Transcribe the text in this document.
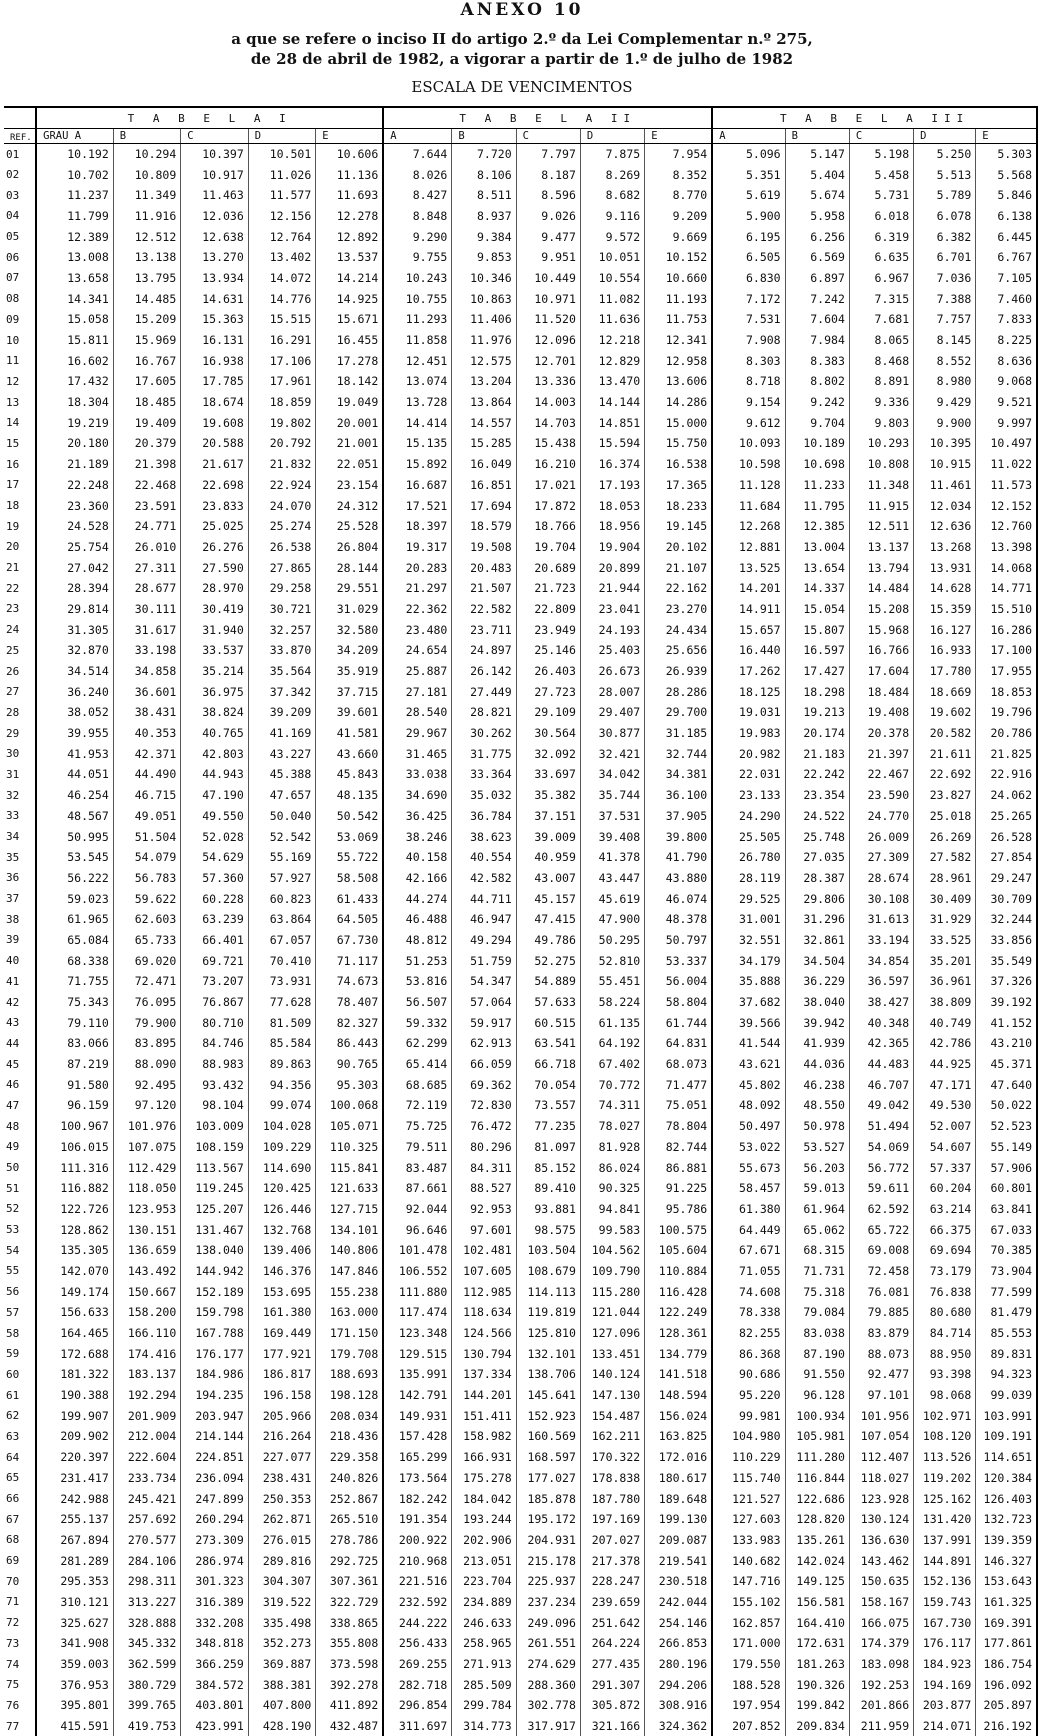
ANEXO 10
a que se refere o inciso II do artigo 2.º da Lei Complementar n.º 275,
de 28 de abril de 1982, a vigorar a partir de 1.º de julho de 1982
ESCALA DE VENCIMENTOS
	T A B E L A I					T A B E L A II					T A B E L A III				
REF.	GRAU A	B	C	D	E	A	B	C	D	E	A	B	C	D	E
01	10.192	10.294	10.397	10.501	10.606	7.644	7.720	7.797	7.875	7.954	5.096	5.147	5.198	5.250	5.303
02	10.702	10.809	10.917	11.026	11.136	8.026	8.106	8.187	8.269	8.352	5.351	5.404	5.458	5.513	5.568
03	11.237	11.349	11.463	11.577	11.693	8.427	8.511	8.596	8.682	8.770	5.619	5.674	5.731	5.789	5.846
04	11.799	11.916	12.036	12.156	12.278	8.848	8.937	9.026	9.116	9.209	5.900	5.958	6.018	6.078	6.138
05	12.389	12.512	12.638	12.764	12.892	9.290	9.384	9.477	9.572	9.669	6.195	6.256	6.319	6.382	6.445
06	13.008	13.138	13.270	13.402	13.537	9.755	9.853	9.951	10.051	10.152	6.505	6.569	6.635	6.701	6.767
07	13.658	13.795	13.934	14.072	14.214	10.243	10.346	10.449	10.554	10.660	6.830	6.897	6.967	7.036	7.105
08	14.341	14.485	14.631	14.776	14.925	10.755	10.863	10.971	11.082	11.193	7.172	7.242	7.315	7.388	7.460
09	15.058	15.209	15.363	15.515	15.671	11.293	11.406	11.520	11.636	11.753	7.531	7.604	7.681	7.757	7.833
10	15.811	15.969	16.131	16.291	16.455	11.858	11.976	12.096	12.218	12.341	7.908	7.984	8.065	8.145	8.225
11	16.602	16.767	16.938	17.106	17.278	12.451	12.575	12.701	12.829	12.958	8.303	8.383	8.468	8.552	8.636
12	17.432	17.605	17.785	17.961	18.142	13.074	13.204	13.336	13.470	13.606	8.718	8.802	8.891	8.980	9.068
13	18.304	18.485	18.674	18.859	19.049	13.728	13.864	14.003	14.144	14.286	9.154	9.242	9.336	9.429	9.521
14	19.219	19.409	19.608	19.802	20.001	14.414	14.557	14.703	14.851	15.000	9.612	9.704	9.803	9.900	9.997
15	20.180	20.379	20.588	20.792	21.001	15.135	15.285	15.438	15.594	15.750	10.093	10.189	10.293	10.395	10.497
16	21.189	21.398	21.617	21.832	22.051	15.892	16.049	16.210	16.374	16.538	10.598	10.698	10.808	10.915	11.022
17	22.248	22.468	22.698	22.924	23.154	16.687	16.851	17.021	17.193	17.365	11.128	11.233	11.348	11.461	11.573
18	23.360	23.591	23.833	24.070	24.312	17.521	17.694	17.872	18.053	18.233	11.684	11.795	11.915	12.034	12.152
19	24.528	24.771	25.025	25.274	25.528	18.397	18.579	18.766	18.956	19.145	12.268	12.385	12.511	12.636	12.760
20	25.754	26.010	26.276	26.538	26.804	19.317	19.508	19.704	19.904	20.102	12.881	13.004	13.137	13.268	13.398
21	27.042	27.311	27.590	27.865	28.144	20.283	20.483	20.689	20.899	21.107	13.525	13.654	13.794	13.931	14.068
22	28.394	28.677	28.970	29.258	29.551	21.297	21.507	21.723	21.944	22.162	14.201	14.337	14.484	14.628	14.771
23	29.814	30.111	30.419	30.721	31.029	22.362	22.582	22.809	23.041	23.270	14.911	15.054	15.208	15.359	15.510
24	31.305	31.617	31.940	32.257	32.580	23.480	23.711	23.949	24.193	24.434	15.657	15.807	15.968	16.127	16.286
25	32.870	33.198	33.537	33.870	34.209	24.654	24.897	25.146	25.403	25.656	16.440	16.597	16.766	16.933	17.100
26	34.514	34.858	35.214	35.564	35.919	25.887	26.142	26.403	26.673	26.939	17.262	17.427	17.604	17.780	17.955
27	36.240	36.601	36.975	37.342	37.715	27.181	27.449	27.723	28.007	28.286	18.125	18.298	18.484	18.669	18.853
28	38.052	38.431	38.824	39.209	39.601	28.540	28.821	29.109	29.407	29.700	19.031	19.213	19.408	19.602	19.796
29	39.955	40.353	40.765	41.169	41.581	29.967	30.262	30.564	30.877	31.185	19.983	20.174	20.378	20.582	20.786
30	41.953	42.371	42.803	43.227	43.660	31.465	31.775	32.092	32.421	32.744	20.982	21.183	21.397	21.611	21.825
31	44.051	44.490	44.943	45.388	45.843	33.038	33.364	33.697	34.042	34.381	22.031	22.242	22.467	22.692	22.916
32	46.254	46.715	47.190	47.657	48.135	34.690	35.032	35.382	35.744	36.100	23.133	23.354	23.590	23.827	24.062
33	48.567	49.051	49.550	50.040	50.542	36.425	36.784	37.151	37.531	37.905	24.290	24.522	24.770	25.018	25.265
34	50.995	51.504	52.028	52.542	53.069	38.246	38.623	39.009	39.408	39.800	25.505	25.748	26.009	26.269	26.528
35	53.545	54.079	54.629	55.169	55.722	40.158	40.554	40.959	41.378	41.790	26.780	27.035	27.309	27.582	27.854
36	56.222	56.783	57.360	57.927	58.508	42.166	42.582	43.007	43.447	43.880	28.119	28.387	28.674	28.961	29.247
37	59.023	59.622	60.228	60.823	61.433	44.274	44.711	45.157	45.619	46.074	29.525	29.806	30.108	30.409	30.709
38	61.965	62.603	63.239	63.864	64.505	46.488	46.947	47.415	47.900	48.378	31.001	31.296	31.613	31.929	32.244
39	65.084	65.733	66.401	67.057	67.730	48.812	49.294	49.786	50.295	50.797	32.551	32.861	33.194	33.525	33.856
40	68.338	69.020	69.721	70.410	71.117	51.253	51.759	52.275	52.810	53.337	34.179	34.504	34.854	35.201	35.549
41	71.755	72.471	73.207	73.931	74.673	53.816	54.347	54.889	55.451	56.004	35.888	36.229	36.597	36.961	37.326
42	75.343	76.095	76.867	77.628	78.407	56.507	57.064	57.633	58.224	58.804	37.682	38.040	38.427	38.809	39.192
43	79.110	79.900	80.710	81.509	82.327	59.332	59.917	60.515	61.135	61.744	39.566	39.942	40.348	40.749	41.152
44	83.066	83.895	84.746	85.584	86.443	62.299	62.913	63.541	64.192	64.831	41.544	41.939	42.365	42.786	43.210
45	87.219	88.090	88.983	89.863	90.765	65.414	66.059	66.718	67.402	68.073	43.621	44.036	44.483	44.925	45.371
46	91.580	92.495	93.432	94.356	95.303	68.685	69.362	70.054	70.772	71.477	45.802	46.238	46.707	47.171	47.640
47	96.159	97.120	98.104	99.074	100.068	72.119	72.830	73.557	74.311	75.051	48.092	48.550	49.042	49.530	50.022
48	100.967	101.976	103.009	104.028	105.071	75.725	76.472	77.235	78.027	78.804	50.497	50.978	51.494	52.007	52.523
49	106.015	107.075	108.159	109.229	110.325	79.511	80.296	81.097	81.928	82.744	53.022	53.527	54.069	54.607	55.149
50	111.316	112.429	113.567	114.690	115.841	83.487	84.311	85.152	86.024	86.881	55.673	56.203	56.772	57.337	57.906
51	116.882	118.050	119.245	120.425	121.633	87.661	88.527	89.410	90.325	91.225	58.457	59.013	59.611	60.204	60.801
52	122.726	123.953	125.207	126.446	127.715	92.044	92.953	93.881	94.841	95.786	61.380	61.964	62.592	63.214	63.841
53	128.862	130.151	131.467	132.768	134.101	96.646	97.601	98.575	99.583	100.575	64.449	65.062	65.722	66.375	67.033
54	135.305	136.659	138.040	139.406	140.806	101.478	102.481	103.504	104.562	105.604	67.671	68.315	69.008	69.694	70.385
55	142.070	143.492	144.942	146.376	147.846	106.552	107.605	108.679	109.790	110.884	71.055	71.731	72.458	73.179	73.904
56	149.174	150.667	152.189	153.695	155.238	111.880	112.985	114.113	115.280	116.428	74.608	75.318	76.081	76.838	77.599
57	156.633	158.200	159.798	161.380	163.000	117.474	118.634	119.819	121.044	122.249	78.338	79.084	79.885	80.680	81.479
58	164.465	166.110	167.788	169.449	171.150	123.348	124.566	125.810	127.096	128.361	82.255	83.038	83.879	84.714	85.553
59	172.688	174.416	176.177	177.921	179.708	129.515	130.794	132.101	133.451	134.779	86.368	87.190	88.073	88.950	89.831
60	181.322	183.137	184.986	186.817	188.693	135.991	137.334	138.706	140.124	141.518	90.686	91.550	92.477	93.398	94.323
61	190.388	192.294	194.235	196.158	198.128	142.791	144.201	145.641	147.130	148.594	95.220	96.128	97.101	98.068	99.039
62	199.907	201.909	203.947	205.966	208.034	149.931	151.411	152.923	154.487	156.024	99.981	100.934	101.956	102.971	103.991
63	209.902	212.004	214.144	216.264	218.436	157.428	158.982	160.569	162.211	163.825	104.980	105.981	107.054	108.120	109.191
64	220.397	222.604	224.851	227.077	229.358	165.299	166.931	168.597	170.322	172.016	110.229	111.280	112.407	113.526	114.651
65	231.417	233.734	236.094	238.431	240.826	173.564	175.278	177.027	178.838	180.617	115.740	116.844	118.027	119.202	120.384
66	242.988	245.421	247.899	250.353	252.867	182.242	184.042	185.878	187.780	189.648	121.527	122.686	123.928	125.162	126.403
67	255.137	257.692	260.294	262.871	265.510	191.354	193.244	195.172	197.169	199.130	127.603	128.820	130.124	131.420	132.723
68	267.894	270.577	273.309	276.015	278.786	200.922	202.906	204.931	207.027	209.087	133.983	135.261	136.630	137.991	139.359
69	281.289	284.106	286.974	289.816	292.725	210.968	213.051	215.178	217.378	219.541	140.682	142.024	143.462	144.891	146.327
70	295.353	298.311	301.323	304.307	307.361	221.516	223.704	225.937	228.247	230.518	147.716	149.125	150.635	152.136	153.643
71	310.121	313.227	316.389	319.522	322.729	232.592	234.889	237.234	239.659	242.044	155.102	156.581	158.167	159.743	161.325
72	325.627	328.888	332.208	335.498	338.865	244.222	246.633	249.096	251.642	254.146	162.857	164.410	166.075	167.730	169.391
73	341.908	345.332	348.818	352.273	355.808	256.433	258.965	261.551	264.224	266.853	171.000	172.631	174.379	176.117	177.861
74	359.003	362.599	366.259	369.887	373.598	269.255	271.913	274.629	277.435	280.196	179.550	181.263	183.098	184.923	186.754
75	376.953	380.729	384.572	388.381	392.278	282.718	285.509	288.360	291.307	294.206	188.528	190.326	192.253	194.169	196.092
76	395.801	399.765	403.801	407.800	411.892	296.854	299.784	302.778	305.872	308.916	197.954	199.842	201.866	203.877	205.897
77	415.591	419.753	423.991	428.190	432.487	311.697	314.773	317.917	321.166	324.362	207.852	209.834	211.959	214.071	216.192
